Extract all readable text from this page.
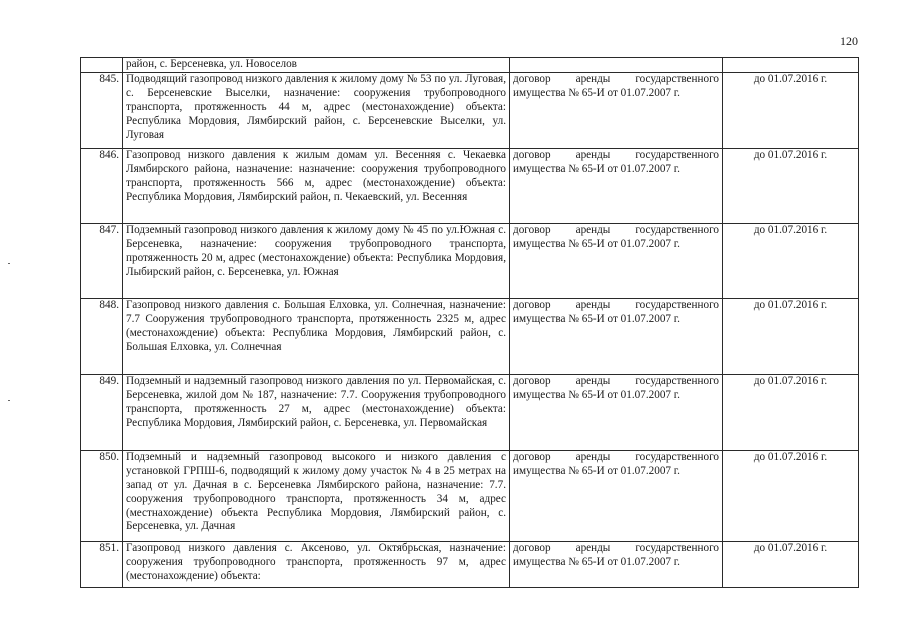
120
	район, с. Берсеневка, ул. Новоселов		
845.	Подводящий газопровод низкого давления к жилому дому № 53 по ул. Луговая, с. Берсеневские Выселки, назначение: сооружения трубопроводного транспорта, протяженность 44 м, адрес (местонахождение) объекта: Республика Мордовия, Лямбирский район, с. Берсеневские Выселки, ул. Луговая	договор аренды государственного имущества № 65-И от 01.07.2007 г.	до 01.07.2016 г.
846.	Газопровод низкого давления к жилым домам ул. Весенняя с. Чекаевка Лямбирского района, назначение: назначение: сооружения трубопроводного транспорта, протяженность 566 м, адрес (местонахождение) объекта: Республика Мордовия, Лямбирский район, п. Чекаевский, ул. Весенняя	договор аренды государственного имущества № 65-И от 01.07.2007 г.	до 01.07.2016 г.
847.	Подземный газопровод низкого давления к жилому дому № 45 по ул.Южная с. Берсеневка, назначение: сооружения трубопроводного транспорта, протяженность 20 м, адрес (местонахождение) объекта: Республика Мордовия, Лыбирский район, с. Берсеневка, ул. Южная	договор аренды государственного имущества № 65-И от 01.07.2007 г.	до 01.07.2016 г.
848.	Газопровод низкого давления с. Большая Елховка, ул. Солнечная, назначение: 7.7 Сооружения трубопроводного транспорта, протяженность 2325 м, адрес (местонахождение) объекта: Республика Мордовия, Лямбирский район, с. Большая Елховка, ул. Солнечная	договор аренды государственного имущества № 65-И от 01.07.2007 г.	до 01.07.2016 г.
849.	Подземный и надземный газопровод низкого давления по ул. Первомайская, с. Берсеневка, жилой дом № 187, назначение: 7.7. Сооружения трубопроводного транспорта, протяженность 27 м, адрес (местонахождение) объекта: Республика Мордовия, Лямбирский район, с. Берсеневка, ул. Первомайская	договор аренды государственного имущества № 65-И от 01.07.2007 г.	до 01.07.2016 г.
850.	Подземный и надземный газопровод высокого и низкого давления с установкой ГРПШ-6, подводящий к жилому дому участок № 4 в 25 метрах на запад от ул. Дачная в с. Берсеневка Лямбирского района, назначение: 7.7. сооружения трубопроводного транспорта, протяженность 34 м, адрес (местнахождение) объекта Республика Мордовия, Лямбирский район, с. Берсеневка, ул. Дачная	договор аренды государственного имущества № 65-И от 01.07.2007 г.	до 01.07.2016 г.
851.	Газопровод низкого давления с. Аксеново, ул. Октябрьская, назначение: сооружения трубопроводного транспорта, протяженность 97 м, адрес (местонахождение) объекта:	договор аренды государственного имущества № 65-И от 01.07.2007 г.	до 01.07.2016 г.
